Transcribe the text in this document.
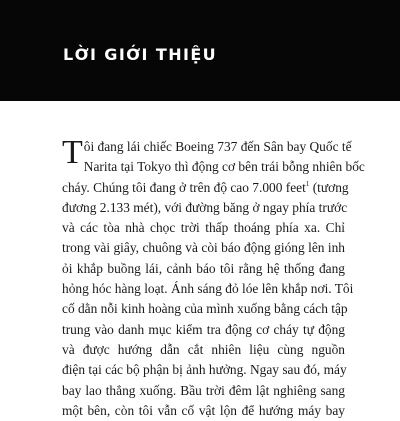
LỜI GIỚI THIỆU
T ôi đang lái chiếc Boeing 737 đến Sân bay Quốc tế
Narita tại Tokyo thì động cơ bên trái bỗng nhiên bốc
cháy. Chúng tôi đang ở trên độ cao 7.000 feet$^1$ (tương
đương 2.133 mét), với đường băng ở ngay phía trước
và các tòa nhà chọc trời thấp thoáng phía xa. Chỉ
trong vài giây, chuông và còi báo động gióng lên inh
ỏi khắp buồng lái, cảnh báo tôi rằng hệ thống đang
hỏng hóc hàng loạt. Ánh sáng đỏ lóe lên khắp nơi. Tôi
cố dằn nỗi kinh hoàng của mình xuống bằng cách tập
trung vào danh mục kiểm tra động cơ cháy tự động
và được hướng dẫn cắt nhiên liệu cùng nguồn
điện tại các bộ phận bị ảnh hưởng. Ngay sau đó, máy
bay lao thẳng xuống. Bầu trời đêm lật nghiêng sang
một bên, còn tôi vẫn cố vật lộn để hướng máy bay
